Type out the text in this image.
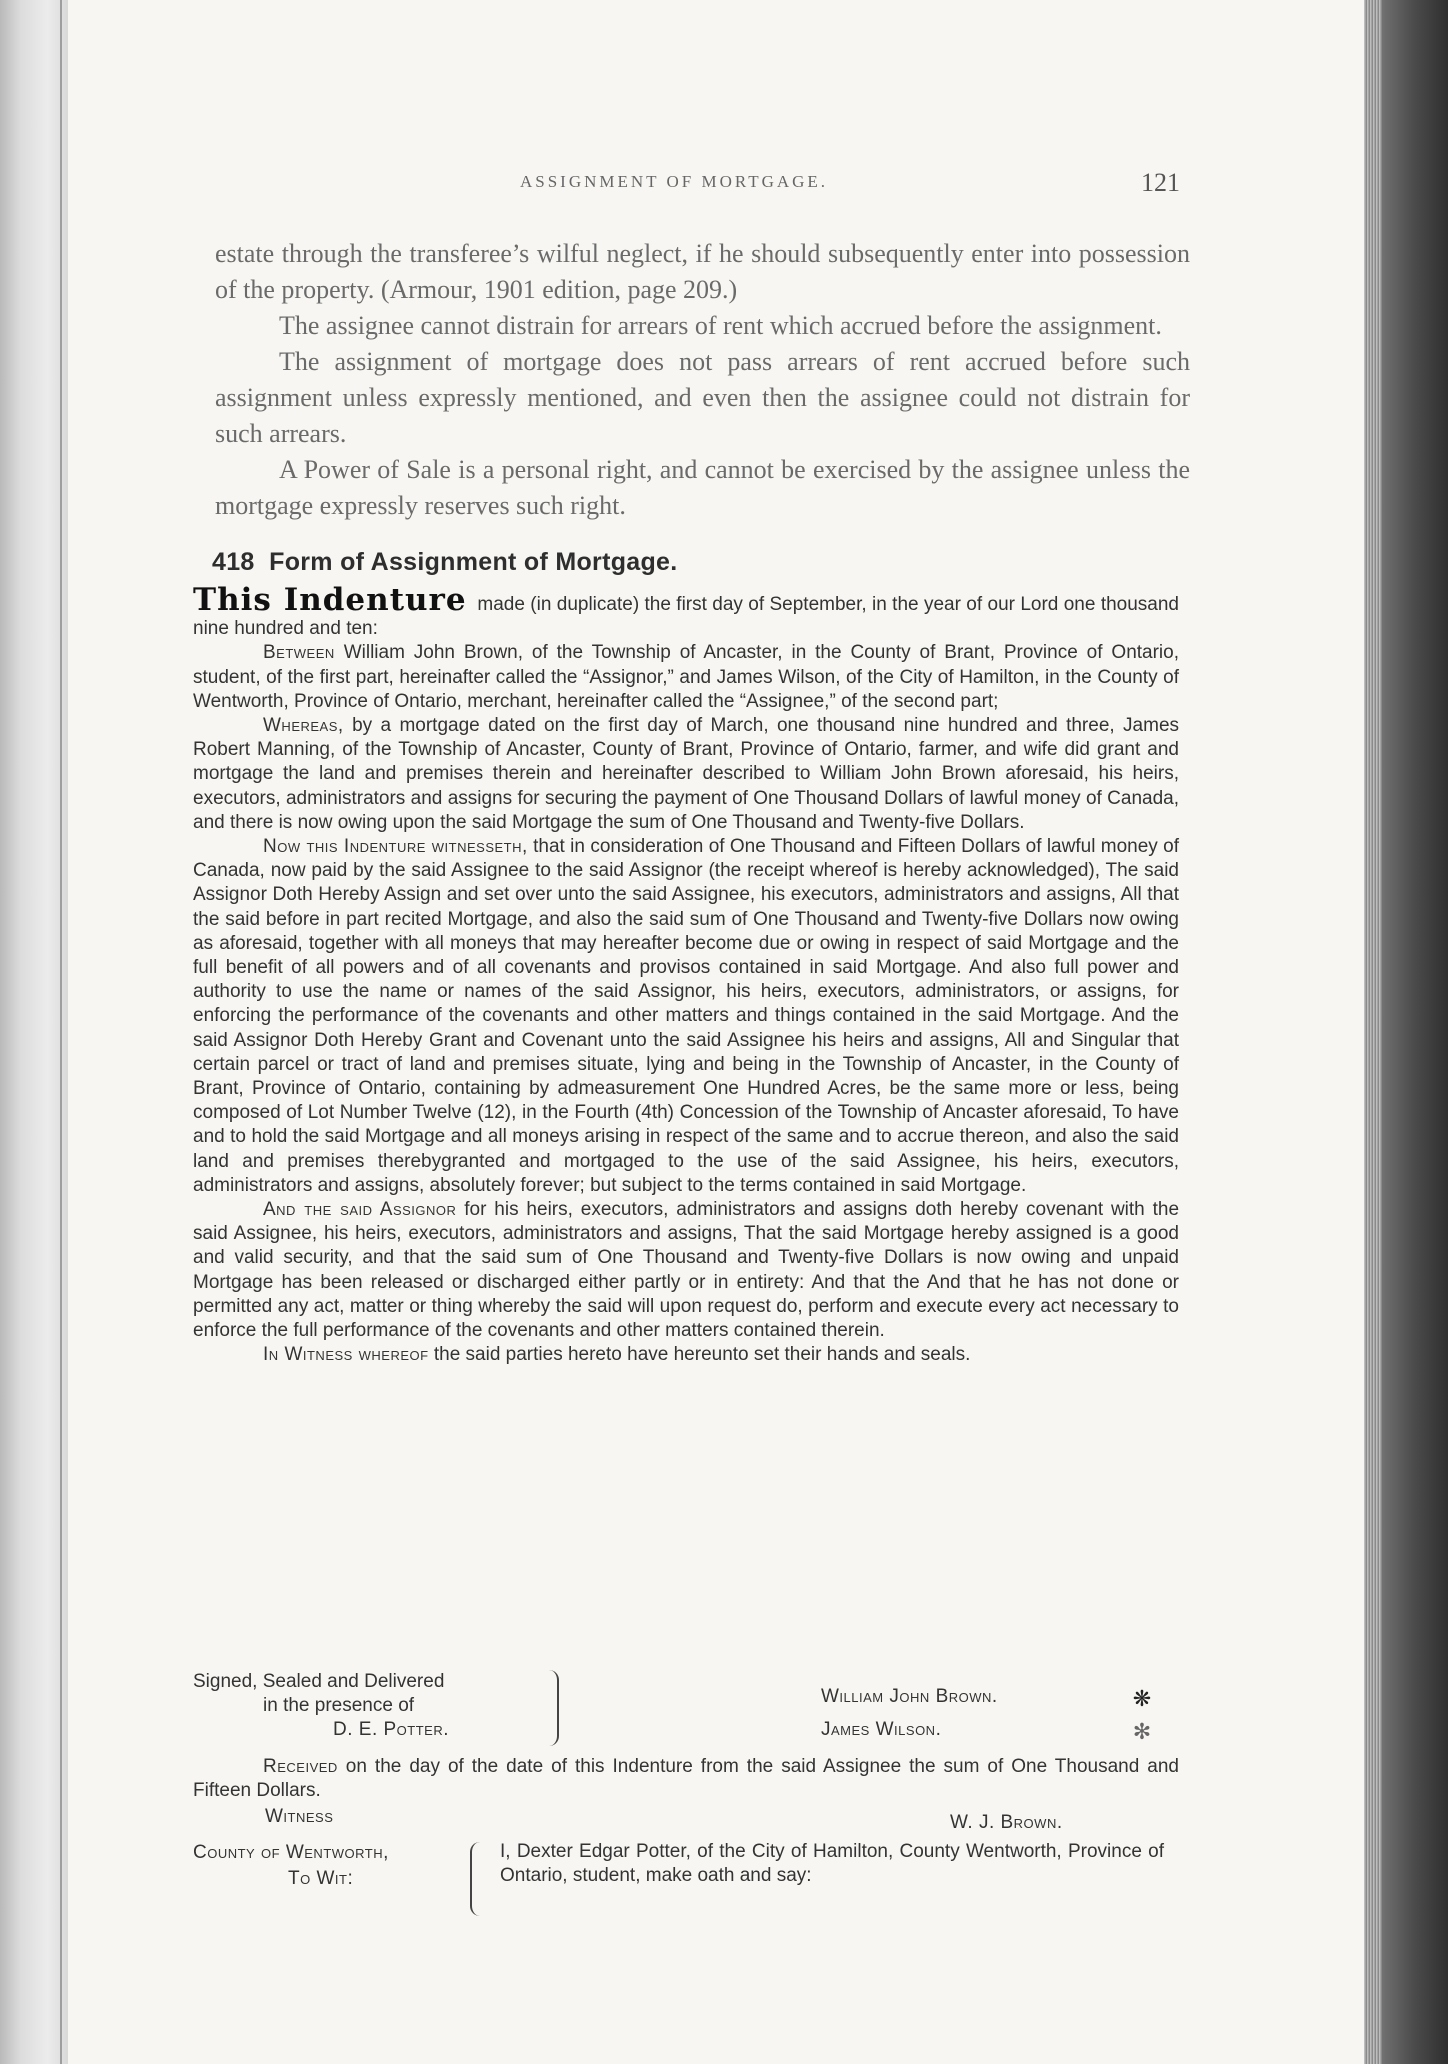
ASSIGNMENT OF MORTGAGE.	121

estate through the transferee’s wilful neglect, if he should subsequently enter into possession of the property. (Armour, 1901 edition, page 209.)

The assignee cannot distrain for arrears of rent which accrued before the assignment.

The assignment of mortgage does not pass arrears of rent accrued before such assignment unless expressly mentioned, and even then the assignee could not distrain for such arrears.

A Power of Sale is a personal right, and cannot be exercised by the assignee unless the mortgage expressly reserves such right.

418 Form of Assignment of Mortgage.

This Indenture made (in duplicate) the first day of September, in the year of our Lord one thousand nine hundred and ten:

Between William John Brown, of the Township of Ancaster, in the County of Brant, Province of Ontario, student, of the first part, hereinafter called the “Assignor,” and James Wilson, of the City of Hamilton, in the County of Wentworth, Province of Ontario, merchant, hereinafter called the “Assignee,” of the second part;

Whereas, by a mortgage dated on the first day of March, one thousand nine hundred and three, James Robert Manning, of the Township of Ancaster, County of Brant, Province of Ontario, farmer, and wife did grant and mortgage the land and premises therein and hereinafter described to William John Brown aforesaid, his heirs, executors, administrators and assigns for securing the payment of One Thousand Dollars of lawful money of Canada, and there is now owing upon the said Mortgage the sum of One Thousand and Twenty-five Dollars.

Now this Indenture witnesseth, that in consideration of One Thousand and Fifteen Dollars of lawful money of Canada, now paid by the said Assignee to the said Assignor (the receipt whereof is hereby acknowledged), The said Assignor Doth Hereby Assign and set over unto the said Assignee, his executors, administrators and assigns, All that the said before in part recited Mortgage, and also the said sum of One Thousand and Twenty-five Dollars now owing as aforesaid, together with all moneys that may hereafter become due or owing in respect of said Mortgage and the full benefit of all powers and of all covenants and provisos contained in said Mortgage. And also full power and authority to use the name or names of the said Assignor, his heirs, executors, administrators, or assigns, for enforcing the performance of the covenants and other matters and things contained in the said Mortgage. And the said Assignor Doth Hereby Grant and Covenant unto the said Assignee his heirs and assigns, All and Singular that certain parcel or tract of land and premises situate, lying and being in the Township of Ancaster, in the County of Brant, Province of Ontario, containing by admeasurement One Hundred Acres, be the same more or less, being composed of Lot Number Twelve (12), in the Fourth (4th) Concession of the Township of Ancaster aforesaid, To have and to hold the said Mortgage and all moneys arising in respect of the same and to accrue thereon, and also the said land and premises therebygranted and mortgaged to the use of the said Assignee, his heirs, executors, administrators and assigns, absolutely forever; but subject to the terms contained in said Mortgage.

And the said Assignor for his heirs, executors, administrators and assigns doth hereby covenant with the said Assignee, his heirs, executors, administrators and assigns, That the said Mortgage hereby assigned is a good and valid security, and that the said sum of One Thousand and Twenty-five Dollars is now owing and unpaid Mortgage has been released or discharged either partly or in entirety: And that the And that he has not done or permitted any act, matter or thing whereby the said will upon request do, perform and execute every act necessary to enforce the full performance of the covenants and other matters contained therein.

In Witness whereof the said parties hereto have hereunto set their hands and seals.

Signed, Sealed and Delivered
in the presence of
D. E. Potter.
William John Brown.
James Wilson.
❋
✻

Received on the day of the date of this Indenture from the said Assignee the sum of One Thousand and Fifteen Dollars.

Witness	W. J. Brown.
County of Wentworth,
To Wit:

I, Dexter Edgar Potter, of the City of Hamilton, County Wentworth, Province of Ontario, student, make oath and say:
